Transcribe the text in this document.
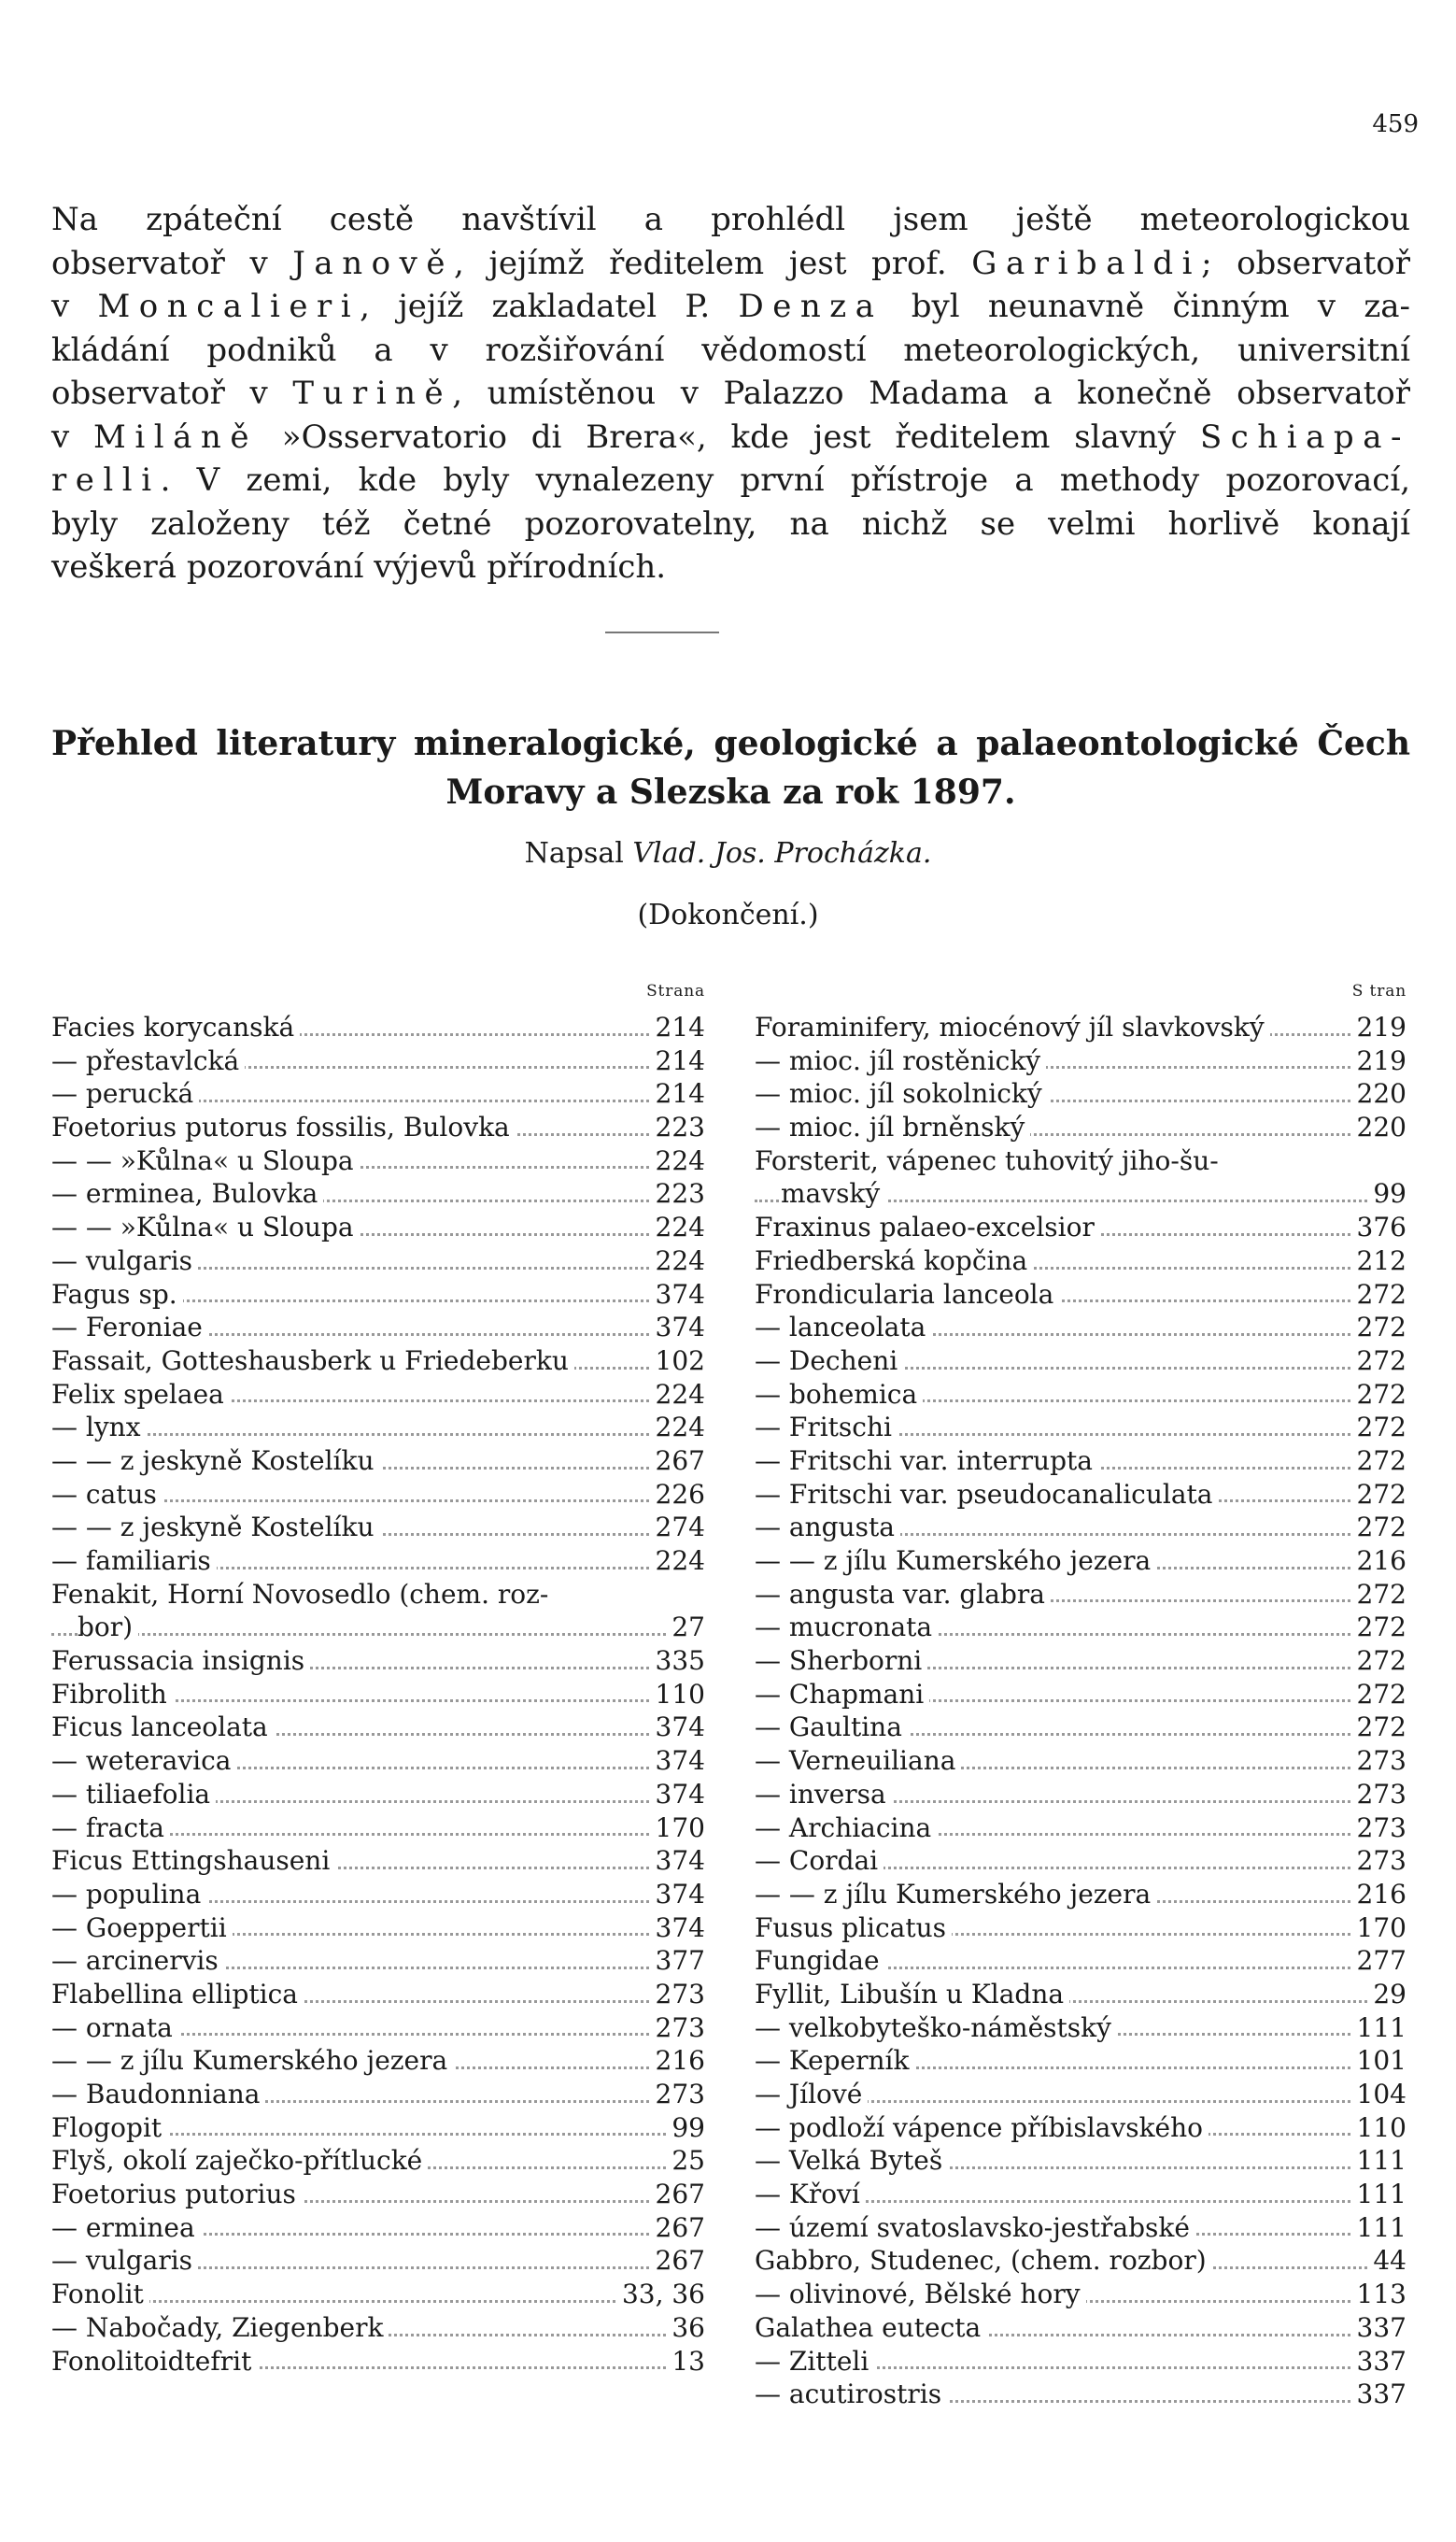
459
Na zpáteční cestě navštívil a prohlédl jsem ještě meteorologickou
observatoř v Janově, jejímž ředitelem jest prof. Garibaldi; observatoř
v Moncalieri, jejíž zakladatel P. Denza byl neunavně činným v za-
kládání podniků a v rozšiřování vědomostí meteorologických, universitní
observatoř v Turině, umístěnou v Palazzo Madama a konečně observatoř
v Miláně »Osservatorio di Brera«, kde jest ředitelem slavný Schiapa-
relli. V zemi, kde byly vynalezeny první přístroje a methody pozorovací,
byly založeny též četné pozorovatelny, na nichž se velmi horlivě konají
veškerá pozorování výjevů přírodních.
Přehled literatury mineralogické, geologické a palaeontologické Čech
Moravy a Slezska za rok 1897.
Napsal Vlad. Jos. Procházka.
(Dokončení.)
Strana
Facies korycanská	214
— přestavlcká	214
— perucká	214
Foetorius putorus fossilis, Bulovka	223
— — »Kůlna« u Sloupa	224
— erminea, Bulovka	223
— — »Kůlna« u Sloupa	224
— vulgaris	224
Fagus sp.	374
— Feroniae	374
Fassait, Gotteshausberk u Friedeberku	102
Felix spelaea	224
— lynx	224
— — z jeskyně Kostelíku	267
— catus	226
— — z jeskyně Kostelíku	274
— familiaris	224
Fenakit, Horní Novosedlo (chem. roz-
bor)	27
Ferussacia insignis	335
Fibrolith	110
Ficus lanceolata	374
— weteravica	374
— tiliaefolia	374
— fracta	170
Ficus Ettingshauseni	374
— populina	374
— Goeppertii	374
— arcinervis	377
Flabellina elliptica	273
— ornata	273
— — z jílu Kumerského jezera	216
— Baudonniana	273
Flogopit	99
Flyš, okolí zaječko-přítlucké	25
Foetorius putorius	267
— erminea	267
— vulgaris	267
Fonolit	33, 36
— Nabočady, Ziegenberk	36
Fonolitoidtefrit	13
S tran
Foraminifery, miocénový jíl slavkovský	219
— mioc. jíl rostěnický	219
— mioc. jíl sokolnický	220
— mioc. jíl brněnský	220
Forsterit, vápenec tuhovitý jiho-šu-
mavský	99
Fraxinus palaeo-excelsior	376
Friedberská kopčina	212
Frondicularia lanceola	272
— lanceolata	272
— Decheni	272
— bohemica	272
— Fritschi	272
— Fritschi var. interrupta	272
— Fritschi var. pseudocanaliculata	272
— angusta	272
— — z jílu Kumerského jezera	216
— angusta var. glabra	272
— mucronata	272
— Sherborni	272
— Chapmani	272
— Gaultina	272
— Verneuiliana	273
— inversa	273
— Archiacina	273
— Cordai	273
— — z jílu Kumerského jezera	216
Fusus plicatus	170
Fungidae	277
Fyllit, Libušín u Kladna	29
— velkobyteško-náměstský	111
— Keperník	101
— Jílové	104
— podloží vápence příbislavského	110
— Velká Byteš	111
— Křoví	111
— území svatoslavsko-jestřabské	111
Gabbro, Studenec, (chem. rozbor)	44
— olivinové, Bělské hory	113
Galathea eutecta	337
— Zitteli	337
— acutirostris	337
